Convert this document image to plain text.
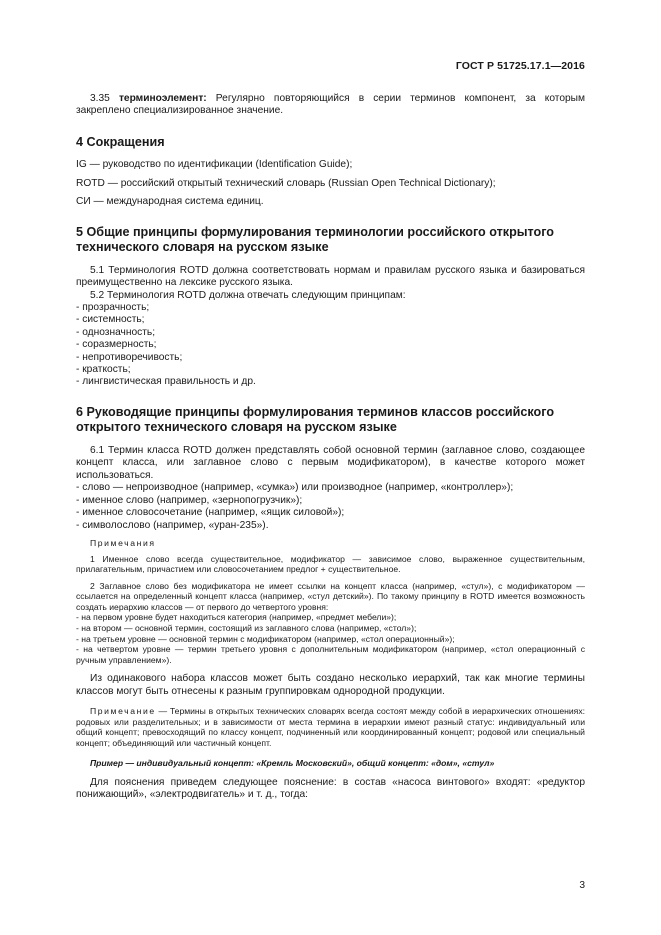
ГОСТ Р 51725.17.1—2016

3.35 терминоэлемент: Регулярно повторяющийся в серии терминов компонент, за которым закреплено специализированное значение.

4 Сокращения

IG — руководство по идентификации (Identification Guide);

ROTD — российский открытый технический словарь (Russian Open Technical Dictionary);

СИ — международная система единиц.

5 Общие принципы формулирования терминологии российского открытого технического словаря на русском языке

5.1 Терминология ROTD должна соответствовать нормам и правилам русского языка и базироваться преимущественно на лексике русского языка.

5.2 Терминология ROTD должна отвечать следующим принципам:

- прозрачность;
- системность;
- однозначность;
- соразмерность;
- непротиворечивость;
- краткость;
- лингвистическая правильность и др.

6 Руководящие принципы формулирования терминов классов российского открытого технического словаря на русском языке

6.1 Термин класса ROTD должен представлять собой основной термин (заглавное слово, создающее концепт класса, или заглавное слово с первым модификатором), в качестве которого может использоваться.

- слово — непроизводное (например, «сумка») или производное (например, «контроллер»);
- именное слово (например, «зернопогрузчик»);
- именное словосочетание (например, «ящик силовой»);
- символослово (например, «уран-235»).

Примечания

1 Именное слово всегда существительное, модификатор — зависимое слово, выраженное существительным, прилагательным, причастием или словосочетанием предлог + существительное.

2 Заглавное слово без модификатора не имеет ссылки на концепт класса (например, «стул»), с модификатором — ссылается на определенный концепт класса (например, «стул детский»). По такому принципу в ROTD имеется возможность создать иерархию классов — от первого до четвертого уровня:

- на первом уровне будет находиться категория (например, «предмет мебели»);

- на втором — основной термин, состоящий из заглавного слова (например, «стол»);

- на третьем уровне — основной термин с модификатором (например, «стол операционный»);

- на четвертом уровне — термин третьего уровня с дополнительным модификатором (например, «стол операционный с ручным управлением»).

Из одинакового набора классов может быть создано несколько иерархий, так как многие термины классов могут быть отнесены к разным группировкам однородной продукции.

Примечание — Термины в открытых технических словарях всегда состоят между собой в иерархических отношениях: родовых или разделительных; и в зависимости от места термина в иерархии имеют разный статус: индивидуальный или общий концепт; превосходящий по классу концепт, подчиненный или координированный концепт; родовой или специальный концепт; объединяющий или частичный концепт.

Пример — индивидуальный концепт: «Кремль Московский», общий концепт: «дом», «стул»

Для пояснения приведем следующее пояснение: в состав «насоса винтового» входят: «редуктор понижающий», «электродвигатель» и т. д., тогда:

3
